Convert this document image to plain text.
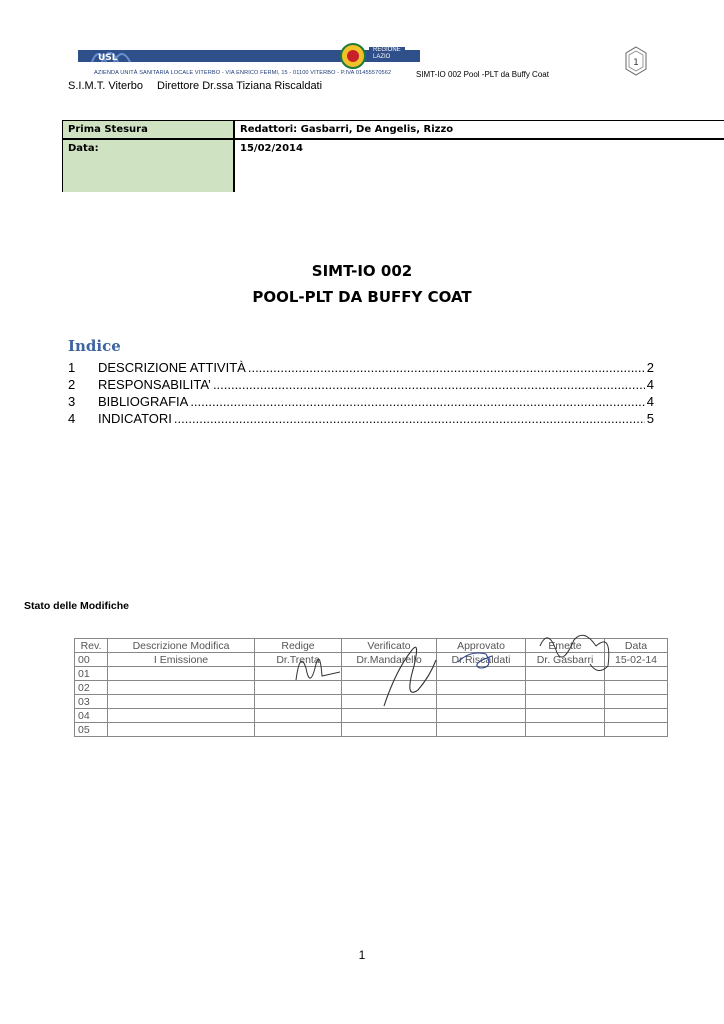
USL
REGIONE
LAZIO
AZIENDA UNITÀ SANITARIA LOCALE VITERBO - VIA ENRICO FERMI, 15 - 01100 VITERBO - P.IVA 01455570562	SIMT-IO 002 Pool -PLT da Buffy Coat
1
S.I.M.T. Viterbo Direttore Dr.ssa Tiziana Riscaldati
Prima Stesura	Redattori: Gasbarri, De Angelis, Rizzo
Data:	15/02/2014
SIMT-IO 002
POOL-PLT DA BUFFY COAT
Indice
1	DESCRIZIONE ATTIVITÀ .....	2
2	RESPONSABILITA’ .....	4
3	BIBLIOGRAFIA .....	4
4	INDICATORI .....	5
Stato delle Modifiche
Rev.	Descrizione Modifica	Redige	Verificato	Approvato	Emette	Data
00	I Emissione	Dr.Trenta	Dr.Mandarello	Dr.Riscaldati	Dr. Gasbarri	15-02-14
01						
02						
03						
04						
05						
1
